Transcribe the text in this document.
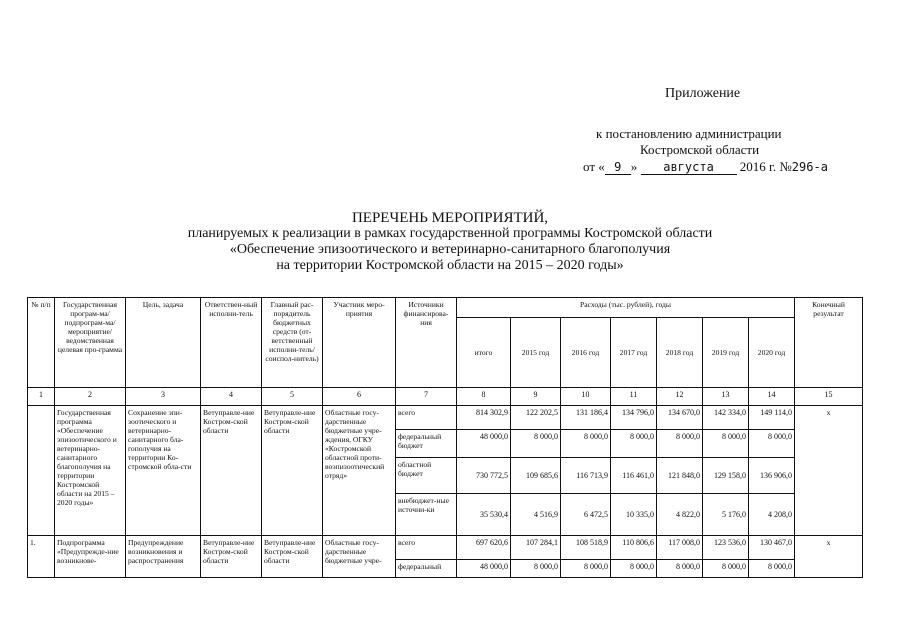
Приложение
к постановлению администрации
Костромской области
от « 9 » августа 2016 г. №296-а
ПЕРЕЧЕНЬ МЕРОПРИЯТИЙ,
планируемых к реализации в рамках государственной программы Костромской области
«Обеспечение эпизоотического и ветеринарно-санитарного благополучия
на территории Костромской области на 2015 – 2020 годы»
№ п/п	Государственная програм-ма/подпрограм-ма/мероприятие/ ведомственная целевая про-грамма	Цель, задача	Ответствен-ный исполни-тель	Главный рас-порядитель бюджетных средств (от-ветственный исполни-тель/соиспол-нитель)	Участник меро-приятия	Источники финансирова-ния	Расходы (тыс. рублей), годы							Конечный результат
							итого	2015 год	2016 год	2017 год	2018 год	2019 год	2020 год	
1	2	3	4	5	6	7	8	9	10	11	12	13	14	15
	Государственная программа «Обеспечение эпизоотического и ветеринарно-санитарного благополучия на территории Костромской области на 2015 –2020 годы»	Сохранение эпи-зоотического и ветеринарно-санитарного бла-гополучия на территории Ко-стромской обла-сти	Ветуправле-ние Костром-ской области	Ветуправле-ние Костром-ской области	Областные госу-дарственные бюджетные учре-ждения, ОГКУ «Костромской областной проти-воэпизоотический отряд»	всего	814 302,9	122 202,5	131 186,4	134 796,0	134 670,0	142 334,0	149 114,0	х
						федеральный бюджет	48 000,0	8 000,0	8 000,0	8 000,0	8 000,0	8 000,0	8 000,0	
						областной бюджет	730 772,5	109 685,6	116 713,9	116 461,0	121 848,0	129 158,0	136 906,0	
						внебюджет-ные источни-ки	35 530,4	4 516,9	6 472,5	10 335,0	4 822,0	5 176,0	4 208,0	
1.	Подпрограмма «Предупрежде-ние возникнове-	Предупреждение возникновения и распространения	Ветуправле-ние Костром-ской области	Ветуправле-ние Костром-ской области	Областные госу-дарственные бюджетные учре-	всего	697 620,6	107 284,1	108 518,9	110 806,6	117 008,0	123 536,0	130 467,0	х
						федеральный	48 000,0	8 000,0	8 000,0	8 000,0	8 000,0	8 000,0	8 000,0	
